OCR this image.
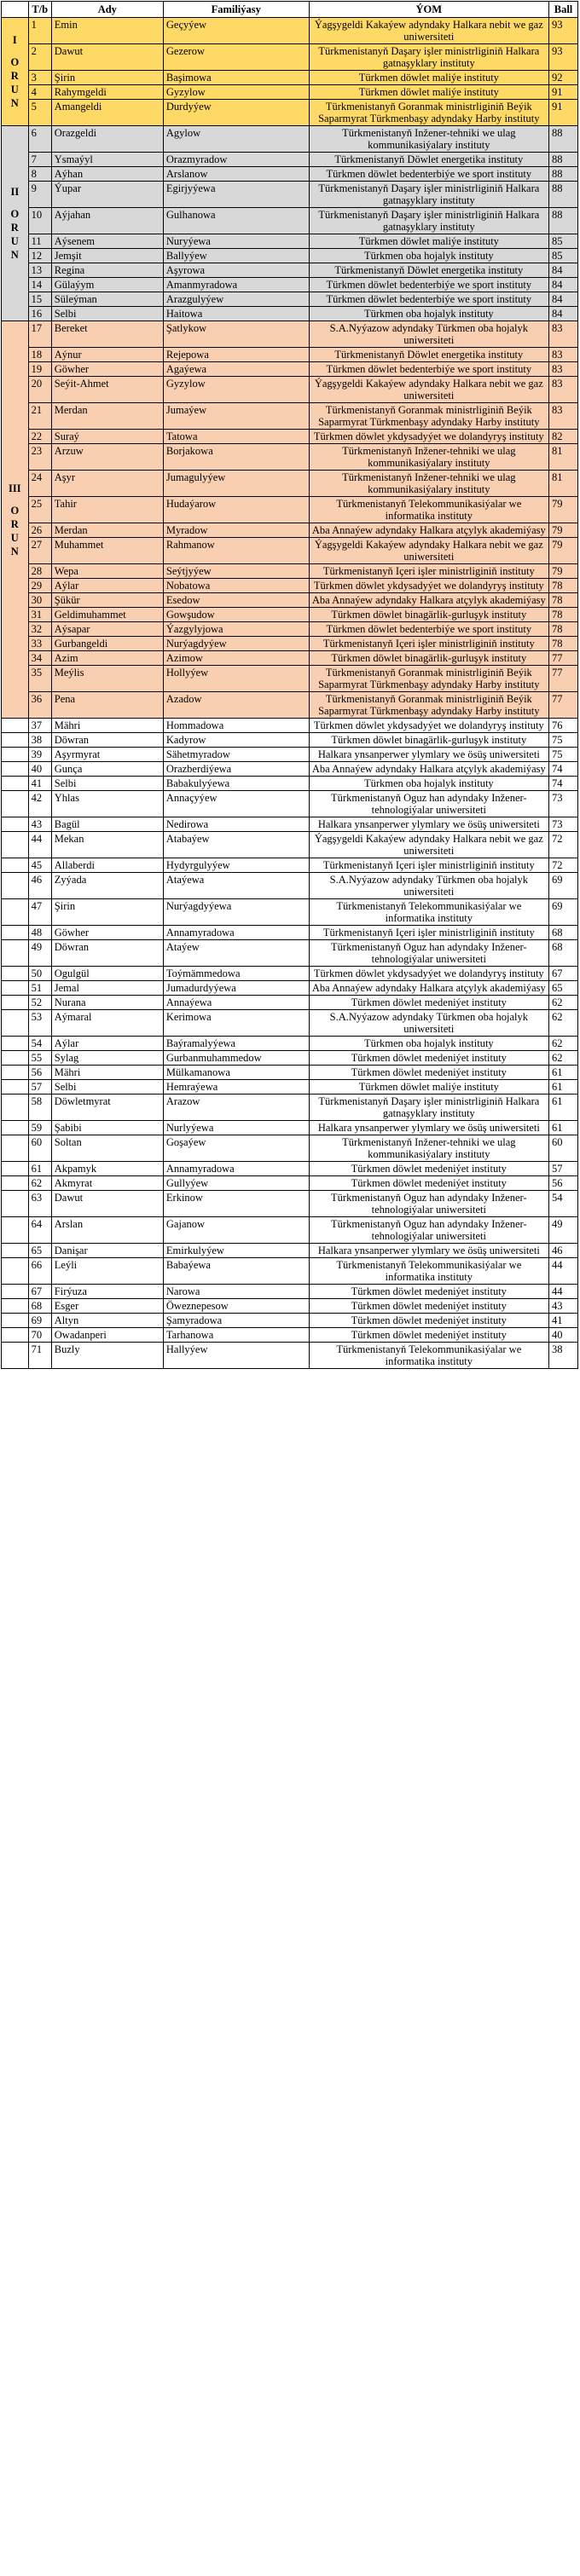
	T/b	Ady	Familiýasy	ÝOM	Ball

I
O
R
U
N	1	Emin	Geçyýew	Ýagşygeldi Kakaýew adyndaky Halkara nebit we gaz uniwersiteti	93
	2	Dawut	Gezerow	Türkmenistanyň Daşary işler ministrliginiň Halkara gatnaşyklary instituty	93
	3	Şirin	Başimowa	Türkmen döwlet maliýe instituty	92
	4	Rahymgeldi	Gyzylow	Türkmen döwlet maliýe instituty	91
	5	Amangeldi	Durdyýew	Türkmenistanyň Goranmak ministrliginiň Beýik Saparmyrat Türkmenbaşy adyndaky Harby instituty	91

II
O
R
U
N	6	Orazgeldi	Agylow	Türkmenistanyň Inžener-tehniki we ulag kommunikasiýalary instituty	88
	7	Ysmaýyl	Orazmyradow	Türkmenistanyň Döwlet energetika instituty	88
	8	Aýhan	Arslanow	Türkmen döwlet bedenterbiýe we sport instituty	88
	9	Ýupar	Egirjyýewa	Türkmenistanyň Daşary işler ministrliginiň Halkara gatnaşyklary instituty	88
	10	Aýjahan	Gulhanowa	Türkmenistanyň Daşary işler ministrliginiň Halkara gatnaşyklary instituty	88
	11	Aýsenem	Nuryýewa	Türkmen döwlet maliýe instituty	85
	12	Jemşit	Ballyýew	Türkmen oba hojalyk instituty	85
	13	Regina	Aşyrowa	Türkmenistanyň Döwlet energetika instituty	84
	14	Gülaýym	Amanmyradowa	Türkmen döwlet bedenterbiýe we sport instituty	84
	15	Süleýman	Arazgulyýew	Türkmen döwlet bedenterbiýe we sport instituty	84
	16	Selbi	Haitowa	Türkmen oba hojalyk instituty	84

III
O
R
U
N	17	Bereket	Şatlykow	S.A.Nyýazow adyndaky Türkmen oba hojalyk uniwersiteti	83
	18	Aýnur	Rejepowa	Türkmenistanyň Döwlet energetika instituty	83
	19	Göwher	Agaýewa	Türkmen döwlet bedenterbiýe we sport instituty	83
	20	Seýit-Ahmet	Gyzylow	Ýagşygeldi Kakaýew adyndaky Halkara nebit we gaz uniwersiteti	83
	21	Merdan	Jumaýew	Türkmenistanyň Goranmak ministrliginiň Beýik Saparmyrat Türkmenbaşy adyndaky Harby instituty	83
	22	Suraý	Tatowa	Türkmen döwlet ykdysadyýet we dolandyryş instituty	82
	23	Arzuw	Borjakowa	Türkmenistanyň Inžener-tehniki we ulag kommunikasiýalary instituty	81
	24	Aşyr	Jumagulyýew	Türkmenistanyň Inžener-tehniki we ulag kommunikasiýalary instituty	81
	25	Tahir	Hudaýarow	Türkmenistanyň Telekommunikasiýalar we informatika instituty	79
	26	Merdan	Myradow	Aba Annaýew adyndaky Halkara atçylyk akademiýasy	79
	27	Muhammet	Rahmanow	Ýagşygeldi Kakaýew adyndaky Halkara nebit we gaz uniwersiteti	79
	28	Wepa	Seýtjyýew	Türkmenistanyň Içeri işler ministrliginiň instituty	79
	29	Aýlar	Nobatowa	Türkmen döwlet ykdysadyýet we dolandyryş instituty	78
	30	Şükür	Esedow	Aba Annaýew adyndaky Halkara atçylyk akademiýasy	78
	31	Geldimuhammet	Gowşudow	Türkmen döwlet binagärlik-gurluşyk instituty	78
	32	Aýsapar	Ýazgylyjowa	Türkmen döwlet bedenterbiýe we sport instituty	78
	33	Gurbangeldi	Nurýagdyýew	Türkmenistanyň Içeri işler ministrliginiň instituty	78
	34	Azim	Azimow	Türkmen döwlet binagärlik-gurluşyk instituty	77
	35	Meýlis	Hollyýew	Türkmenistanyň Goranmak ministrliginiň Beýik Saparmyrat Türkmenbaşy adyndaky Harby instituty	77
	36	Pena	Azadow	Türkmenistanyň Goranmak ministrliginiň Beýik Saparmyrat Türkmenbaşy adyndaky Harby instituty	77
	37	Mähri	Hommadowa	Türkmen döwlet ykdysadyýet we dolandyryş instituty	76
	38	Döwran	Kadyrow	Türkmen döwlet binagärlik-gurluşyk instituty	75
	39	Aşyrmyrat	Sähetmyradow	Halkara ynsanperwer ylymlary we ösüş uniwersiteti	75
	40	Gunça	Orazberdiýewa	Aba Annaýew adyndaky Halkara atçylyk akademiýasy	74
	41	Selbi	Babakulyýewa	Türkmen oba hojalyk instituty	74
	42	Yhlas	Annaçyýew	Türkmenistanyň Oguz han adyndaky Inžener-tehnologiýalar uniwersiteti	73
	43	Bagül	Nedirowa	Halkara ynsanperwer ylymlary we ösüş uniwersiteti	73
	44	Mekan	Atabaýew	Ýagşygeldi Kakaýew adyndaky Halkara nebit we gaz uniwersiteti	72
	45	Allaberdi	Hydyrgulyýew	Türkmenistanyň Içeri işler ministrliginiň instituty	72
	46	Zyýada	Ataýewa	S.A.Nyýazow adyndaky Türkmen oba hojalyk uniwersiteti	69
	47	Şirin	Nurýagdyýewa	Türkmenistanyň Telekommunikasiýalar we informatika instituty	69
	48	Göwher	Annamyradowa	Türkmenistanyň Içeri işler ministrliginiň instituty	68
	49	Döwran	Ataýew	Türkmenistanyň Oguz han adyndaky Inžener-tehnologiýalar uniwersiteti	68
	50	Ogulgül	Toýmämmedowa	Türkmen döwlet ykdysadyýet we dolandyryş instituty	67
	51	Jemal	Jumadurdyýewa	Aba Annaýew adyndaky Halkara atçylyk akademiýasy	65
	52	Nurana	Annaýewa	Türkmen döwlet medeniýet instituty	62
	53	Aýmaral	Kerimowa	S.A.Nyýazow adyndaky Türkmen oba hojalyk uniwersiteti	62
	54	Aýlar	Baýramalyýewa	Türkmen oba hojalyk instituty	62
	55	Sylag	Gurbanmuhammedow	Türkmen döwlet medeniýet instituty	62
	56	Mähri	Mülkamanowa	Türkmen döwlet medeniýet instituty	61
	57	Selbi	Hemraýewa	Türkmen döwlet maliýe instituty	61
	58	Döwletmyrat	Arazow	Türkmenistanyň Daşary işler ministrliginiň Halkara gatnaşyklary instituty	61
	59	Şabibi	Nurlyýewa	Halkara ynsanperwer ylymlary we ösüş uniwersiteti	61
	60	Soltan	Goşaýew	Türkmenistanyň Inžener-tehniki we ulag kommunikasiýalary instituty	60
	61	Akpamyk	Annamyradowa	Türkmen döwlet medeniýet instituty	57
	62	Akmyrat	Gullyýew	Türkmen döwlet medeniýet instituty	56
	63	Dawut	Erkinow	Türkmenistanyň Oguz han adyndaky Inžener-tehnologiýalar uniwersiteti	54
	64	Arslan	Gajanow	Türkmenistanyň Oguz han adyndaky Inžener-tehnologiýalar uniwersiteti	49
	65	Danişar	Emirkulyýew	Halkara ynsanperwer ylymlary we ösüş uniwersiteti	46
	66	Leýli	Babaýewa	Türkmenistanyň Telekommunikasiýalar we informatika instituty	44
	67	Firýuza	Narowa	Türkmen döwlet medeniýet instituty	44
	68	Esger	Öweznepesow	Türkmen döwlet medeniýet instituty	43
	69	Altyn	Şamyradowa	Türkmen döwlet medeniýet instituty	41
	70	Owadanperi	Tarhanowa	Türkmen döwlet medeniýet instituty	40
	71	Buzly	Hallyýew	Türkmenistanyň Telekommunikasiýalar we informatika instituty	38
